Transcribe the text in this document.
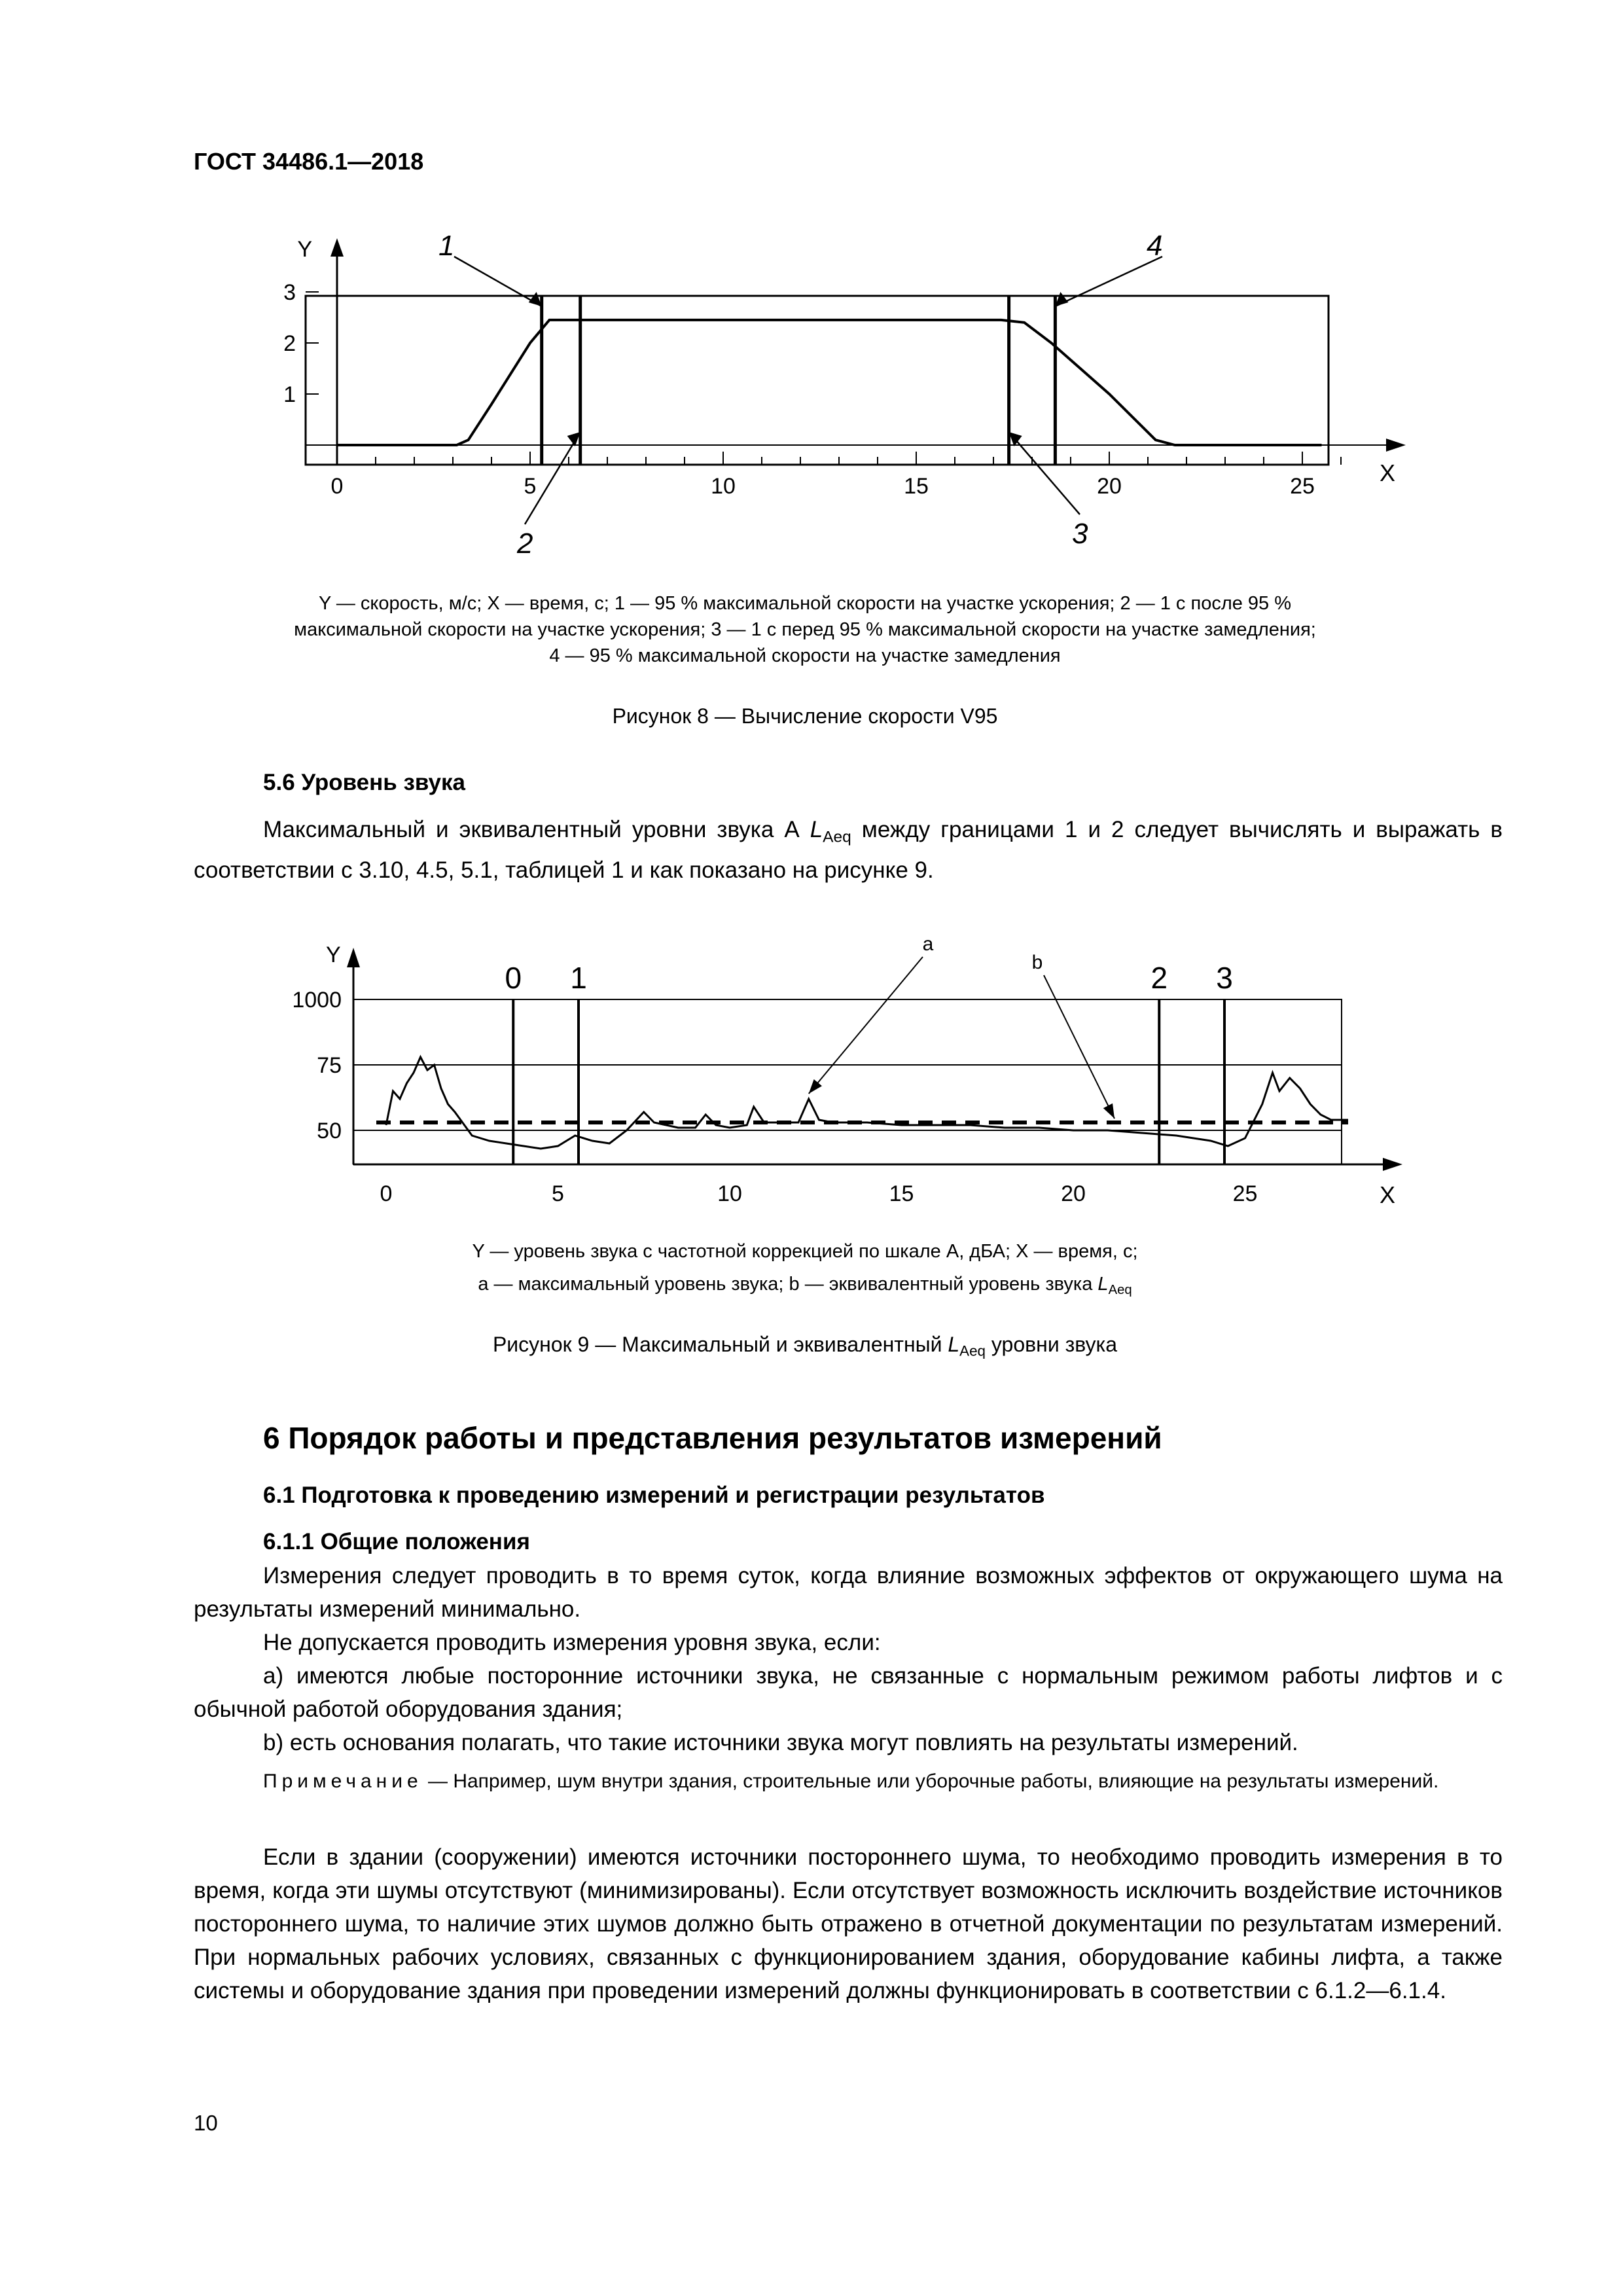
ГОСТ 34486.1—2018
0	5	10	15	20	25
1
2
3
Y
X
1
2	3
4
Y — скорость, м/с; X — время, с; 1 — 95 % максимальной скорости на участке ускорения; 2 — 1 с после 95 %
максимальной скорости на участке ускорения; 3 — 1 с перед 95 % максимальной скорости на участке замедления;
4 — 95 % максимальной скорости на участке замедления
Рисунок 8 — Вычисление скорости V95
5.6 Уровень звука

Максимальный и эквивалентный уровни звука А $L_{Aeq}$ между границами 1 и 2 следует вычислять и выражать в соответствии с 3.10, 4.5, 5.1, таблицей 1 и как показано на рисунке 9.

50
75
1000
0	5	10	15	20	25
Y
X
0 1	2 3
a
b
Y — уровень звука с частотной коррекцией по шкале А, дБА; X — время, с;
a — максимальный уровень звука; b — эквивалентный уровень звука $L_{Aeq}$
Рисунок 9 — Максимальный и эквивалентный $L_{Aeq}$ уровни звука
6 Порядок работы и представления результатов измерений
6.1 Подготовка к проведению измерений и регистрации результатов
6.1.1 Общие положения

Измерения следует проводить в то время суток, когда влияние возможных эффектов от окружающего шума на результаты измерений минимально.

Не допускается проводить измерения уровня звука, если:

а) имеются любые посторонние источники звука, не связанные с нормальным режимом работы лифтов и с обычной работой оборудования здания;

b) есть основания полагать, что такие источники звука могут повлиять на результаты измерений.

Примечание — Например, шум внутри здания, строительные или уборочные работы, влияющие на результаты измерений.

Если в здании (сооружении) имеются источники постороннего шума, то необходимо проводить измерения в то время, когда эти шумы отсутствуют (минимизированы). Если отсутствует возможность исключить воздействие источников постороннего шума, то наличие этих шумов должно быть отражено в отчетной документации по результатам измерений. При нормальных рабочих условиях, связанных с функционированием здания, оборудование кабины лифта, а также системы и оборудование здания при проведении измерений должны функционировать в соответствии с 6.1.2—6.1.4.

10
